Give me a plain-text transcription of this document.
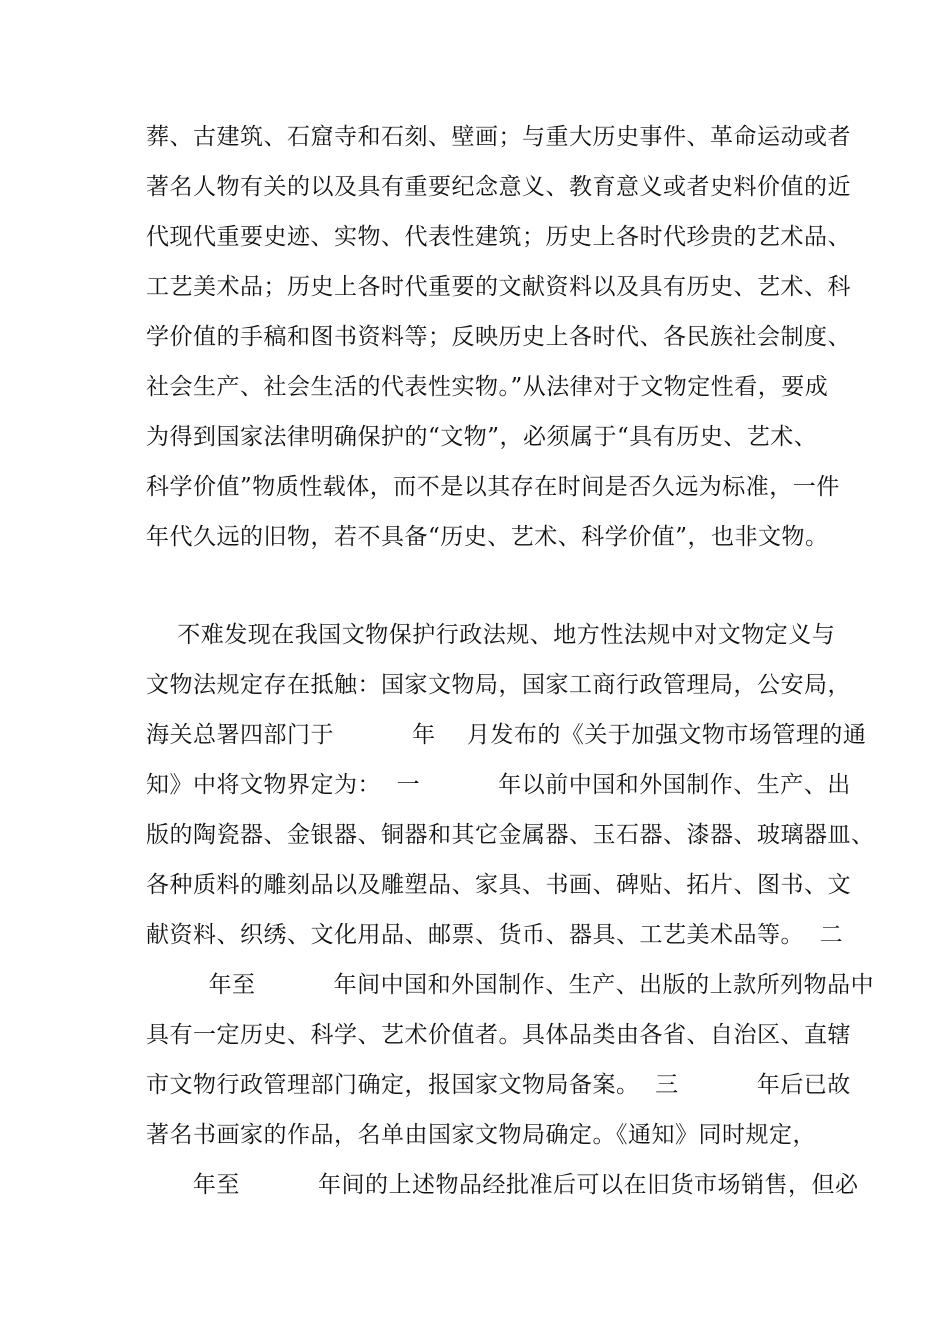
葬、古建筑、石窟寺和石刻、壁画；与重大历史事件、革命运动或者
著名人物有关的以及具有重要纪念意义、教育意义或者史料价值的近
代现代重要史迹、实物、代表性建筑；历史上各时代珍贵的艺术品、
工艺美术品；历史上各时代重要的文献资料以及具有历史、艺术、科
学价值的手稿和图书资料等；反映历史上各时代、各民族社会制度、
社会生产、社会生活的代表性实物。”从法律对于文物定性看，要成
为得到国家法律明确保护的“文物”，必须属于“具有历史、艺术、
科学价值”物质性载体，而不是以其存在时间是否久远为标准，一件
年代久远的旧物，若不具备“历史、艺术、科学价值”，也非文物。
不难发现在我国文物保护行政法规、地方性法规中对文物定义与
文物法规定存在抵触：国家文物局，国家工商行政管理局，公安局，
海关总署四部门于          年    月发布的《关于加强文物市场管理的通
知》中将文物界定为：  一          年以前中国和外国制作、生产、出
版的陶瓷器、金银器、铜器和其它金属器、玉石器、漆器、玻璃器皿、
各种质料的雕刻品以及雕塑品、家具、书画、碑贴、拓片、图书、文
献资料、织绣、文化用品、邮票、货币、器具、工艺美术品等。  二
年至          年间中国和外国制作、生产、出版的上款所列物品中
具有一定历史、科学、艺术价值者。具体品类由各省、自治区、直辖
市文物行政管理部门确定，报国家文物局备案。  三          年后已故
著名书画家的作品，名单由国家文物局确定。《通知》同时规定，
年至          年间的上述物品经批准后可以在旧货市场销售，但必
